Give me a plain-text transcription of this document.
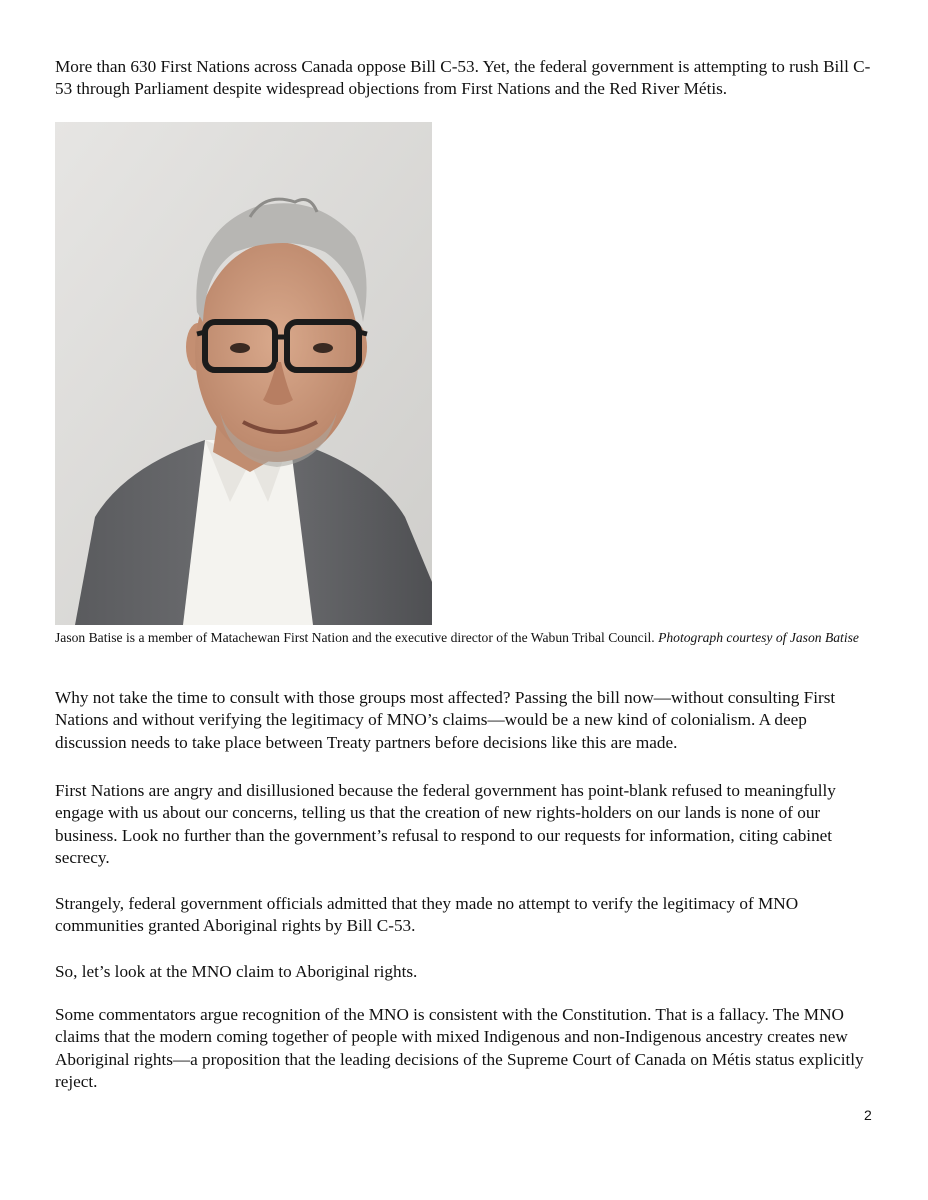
More than 630 First Nations across Canada oppose Bill C-53. Yet, the federal government is attempting to rush Bill C-53 through Parliament despite widespread objections from First Nations and the Red River Métis.

Jason Batise is a member of Matachewan First Nation and the executive director of the Wabun Tribal Council. Photograph courtesy of Jason Batise

Why not take the time to consult with those groups most affected? Passing the bill now—without consulting First Nations and without verifying the legitimacy of MNO’s claims—would be a new kind of colonialism. A deep discussion needs to take place between Treaty partners before decisions like this are made.

First Nations are angry and disillusioned because the federal government has point-blank refused to meaningfully engage with us about our concerns, telling us that the creation of new rights-holders on our lands is none of our business. Look no further than the government’s refusal to respond to our requests for information, citing cabinet secrecy.

Strangely, federal government officials admitted that they made no attempt to verify the legitimacy of MNO communities granted Aboriginal rights by Bill C-53.

So, let’s look at the MNO claim to Aboriginal rights.

Some commentators argue recognition of the MNO is consistent with the Constitution. That is a fallacy. The MNO claims that the modern coming together of people with mixed Indigenous and non-Indigenous ancestry creates new Aboriginal rights—a proposition that the leading decisions of the Supreme Court of Canada on Métis status explicitly reject.

2
